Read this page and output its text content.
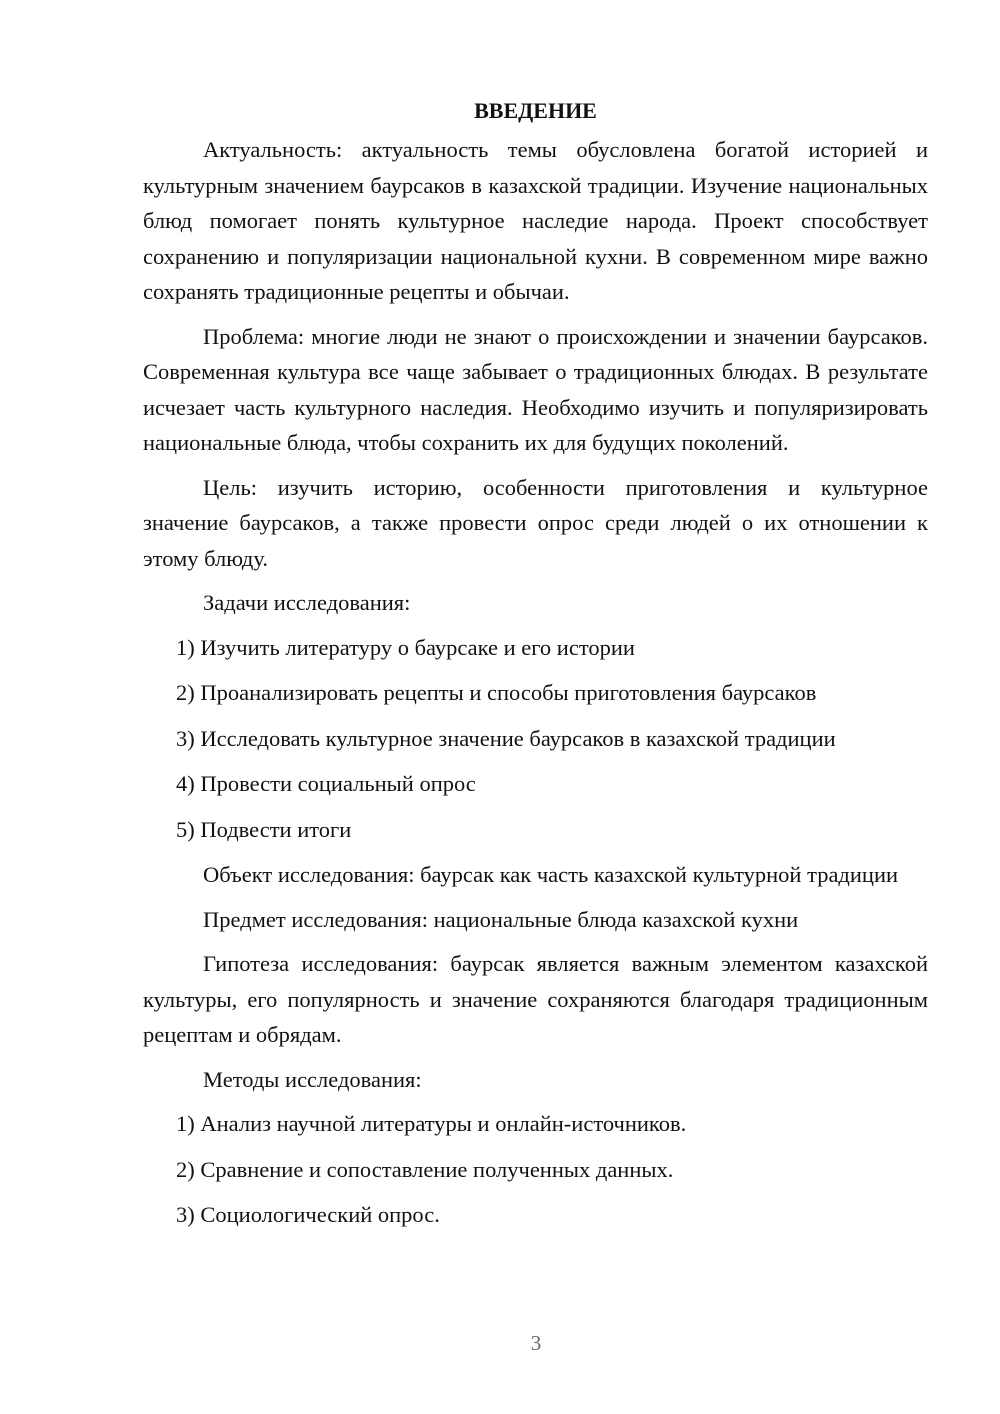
ВВЕДЕНИЕ

Актуальность: актуальность темы обусловлена богатой историей и культурным значением баурсаков в казахской традиции. Изучение национальных блюд помогает понять культурное наследие народа. Проект способствует сохранению и популяризации национальной кухни. В современном мире важно сохранять традиционные рецепты и обычаи.

Проблема: многие люди не знают о происхождении и значении баурсаков. Современная культура все чаще забывает о традиционных блюдах. В результате исчезает часть культурного наследия. Необходимо изучить и популяризировать национальные блюда, чтобы сохранить их для будущих поколений.

Цель: изучить историю, особенности приготовления и культурное значение баурсаков, а также провести опрос среди людей о их отношении к этому блюду.

Задачи исследования:

1) Изучить литературу о баурсаке и его истории
2) Проанализировать рецепты и способы приготовления баурсаков
3) Исследовать культурное значение баурсаков в казахской традиции
4) Провести социальный опрос
5) Подвести итоги

Объект исследования: баурсак как часть казахской культурной традиции

Предмет исследования: национальные блюда казахской кухни

Гипотеза исследования: баурсак является важным элементом казахской культуры, его популярность и значение сохраняются благодаря традиционным рецептам и обрядам.

Методы исследования:

1) Анализ научной литературы и онлайн-источников.
2) Сравнение и сопоставление полученных данных.
3) Социологический опрос.
3
